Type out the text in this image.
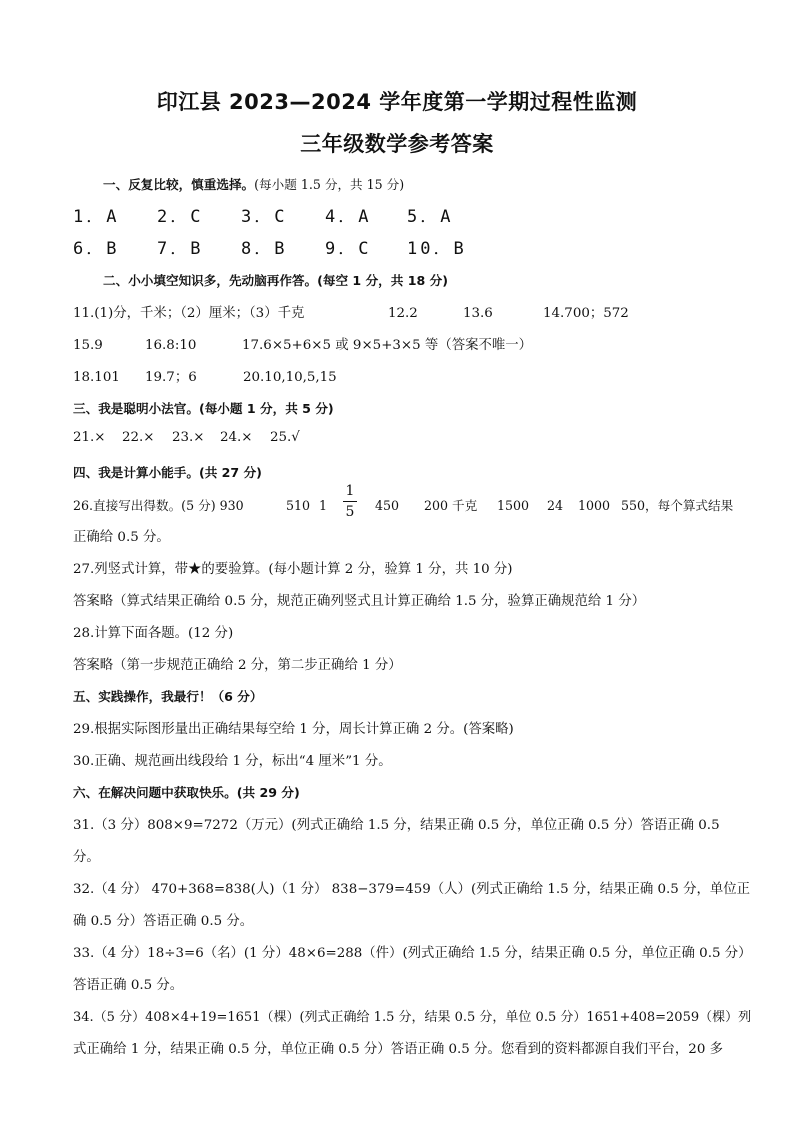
印江县 2023—2024 学年度第一学期过程性监测
三年级数学参考答案
一、反复比较，慎重选择。(每小题 1.5 分，共 15 分)
1．A 2．C 3．C 4．A 5．A
6．B 7．B 8．B 9．C 10．B
二、小小填空知识多，先动脑再作答。(每空 1 分，共 18 分)
11.(1)分，千米；（2）厘米；（3）千克	12.2	13.6	14.700；572
15.9	16.8:10	17.6×5+6×5 或 9×5+3×5 等（答案不唯一）
18.101 19.7；6	20.10,10,5,15
三、我是聪明小法官。(每小题 1 分，共 5 分)
21.× 22.× 23.× 24.× 25.√
四、我是计算小能手。(共 27 分)
26.直接写出得数。(5 分) 930	510 1	450 200 千克 1500 24 1000 550，每个算式结果
1
5
正确给 0.5 分。
27.列竖式计算，带★的要验算。(每小题计算 2 分，验算 1 分，共 10 分)
答案略（算式结果正确给 0.5 分，规范正确列竖式且计算正确给 1.5 分，验算正确规范给 1 分）
28.计算下面各题。(12 分)
答案略（第一步规范正确给 2 分，第二步正确给 1 分）
五、实践操作，我最行！（6 分）
29.根据实际图形量出正确结果每空给 1 分，周长计算正确 2 分。(答案略)
30.正确、规范画出线段给 1 分，标出“4 厘米”1 分。
六、在解决问题中获取快乐。(共 29 分)
31.（3 分）808×9=7272（万元）(列式正确给 1.5 分，结果正确 0.5 分，单位正确 0.5 分）答语正确 0.5
分。
32.（4 分） 470+368=838(人)（1 分） 838−379=459（人）(列式正确给 1.5 分，结果正确 0.5 分，单位正
确 0.5 分）答语正确 0.5 分。
33.（4 分）18÷3=6（名）(1 分）48×6=288（件）(列式正确给 1.5 分，结果正确 0.5 分，单位正确 0.5 分）
答语正确 0.5 分。
34.（5 分）408×4+19=1651（棵）(列式正确给 1.5 分，结果 0.5 分，单位 0.5 分）1651+408=2059（棵）列
式正确给 1 分，结果正确 0.5 分，单位正确 0.5 分）答语正确 0.5 分。您看到的资料都源自我们平台，20 多
